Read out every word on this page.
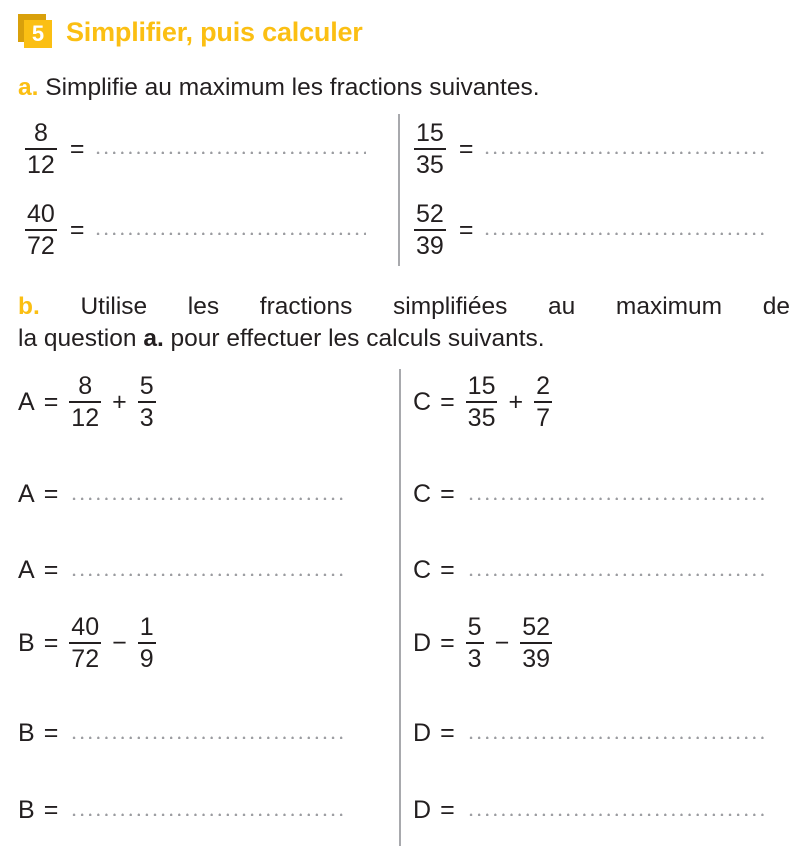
5 Simplifier, puis calculer
a. Simplifie au maximum les fractions suivantes.
$\frac{8}{12}$ =
$\frac{40}{72}$ =
$\frac{15}{35}$ =
$\frac{52}{39}$ =
b. Utilise les fractions simplifiées au maximum de
la question a. pour effectuer les calculs suivants.
$A = \frac{8}{12} + \frac{5}{3}$
A =
A =
$C = \frac{15}{35} + \frac{2}{7}$
C =
C =
$B = \frac{40}{72} - \frac{1}{9}$
B =
B =
$D = \frac{5}{3} - \frac{52}{39}$
D =
D =
